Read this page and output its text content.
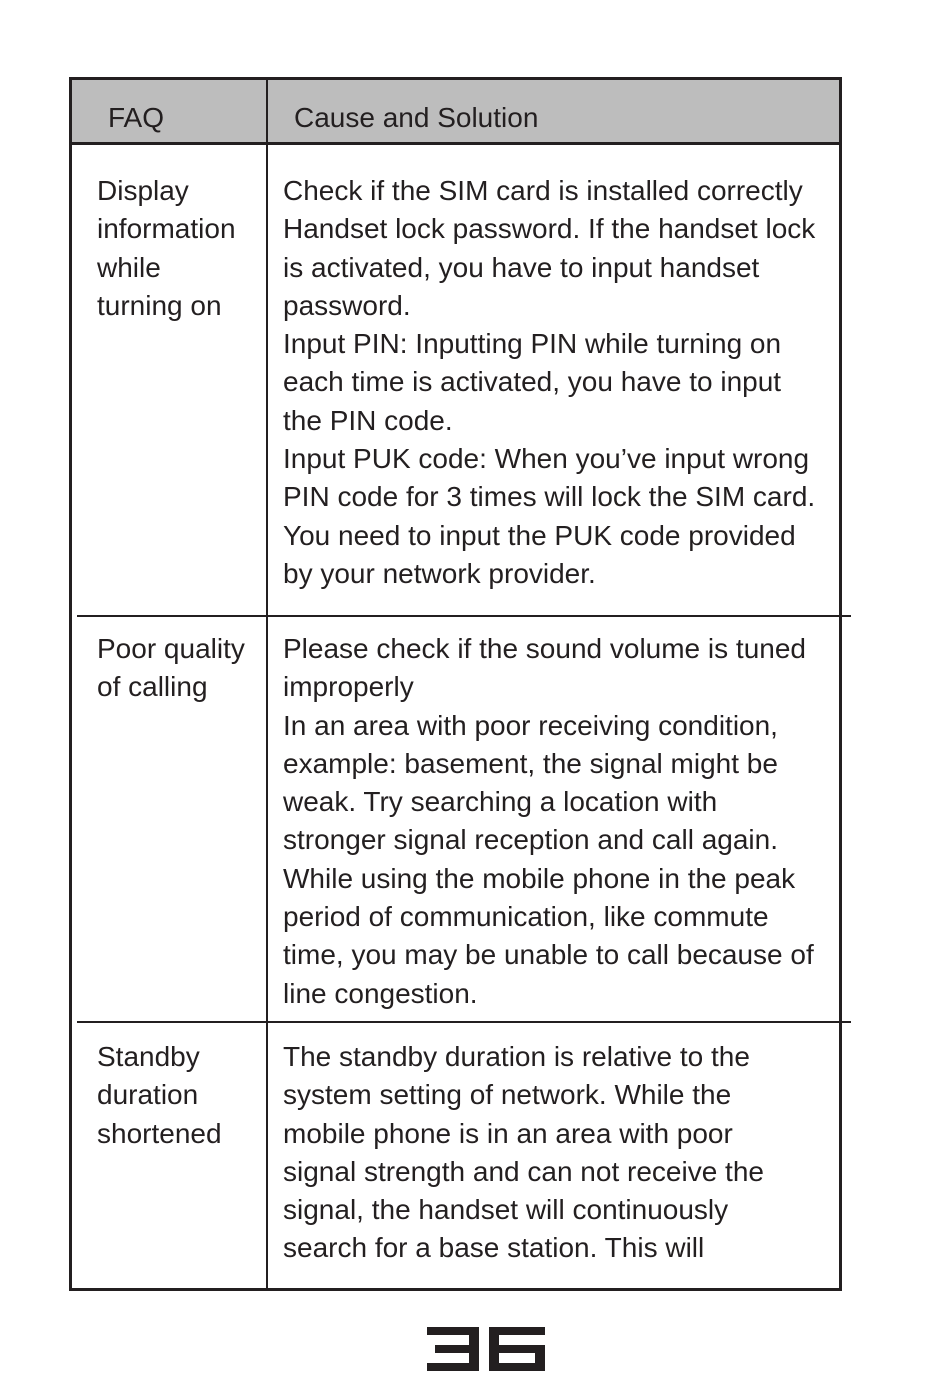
FAQ	Cause and Solution

Display

information

while

turning on

Check if the SIM card is installed correctly

Handset lock password. If the handset lock

is activated, you have to input handset

password.

Input PIN: Inputting PIN while turning on

each time is activated, you have to input

the PIN code.

Input PUK code: When you’ve input wrong

PIN code for 3 times will lock the SIM card.

You need to input the PUK code provided

by your network provider.

Poor quality

of calling

Please check if the sound volume is tuned

improperly

In an area with poor receiving condition,

example: basement, the signal might be

weak. Try searching a location with

stronger signal reception and call again.

While using the mobile phone in the peak

period of communication, like commute

time, you may be unable to call because of

line congestion.

Standby

duration

shortened

The standby duration is relative to the

system setting of network. While the

mobile phone is in an area with poor

signal strength and can not receive the

signal, the handset will continuously

search for a base station. This will
